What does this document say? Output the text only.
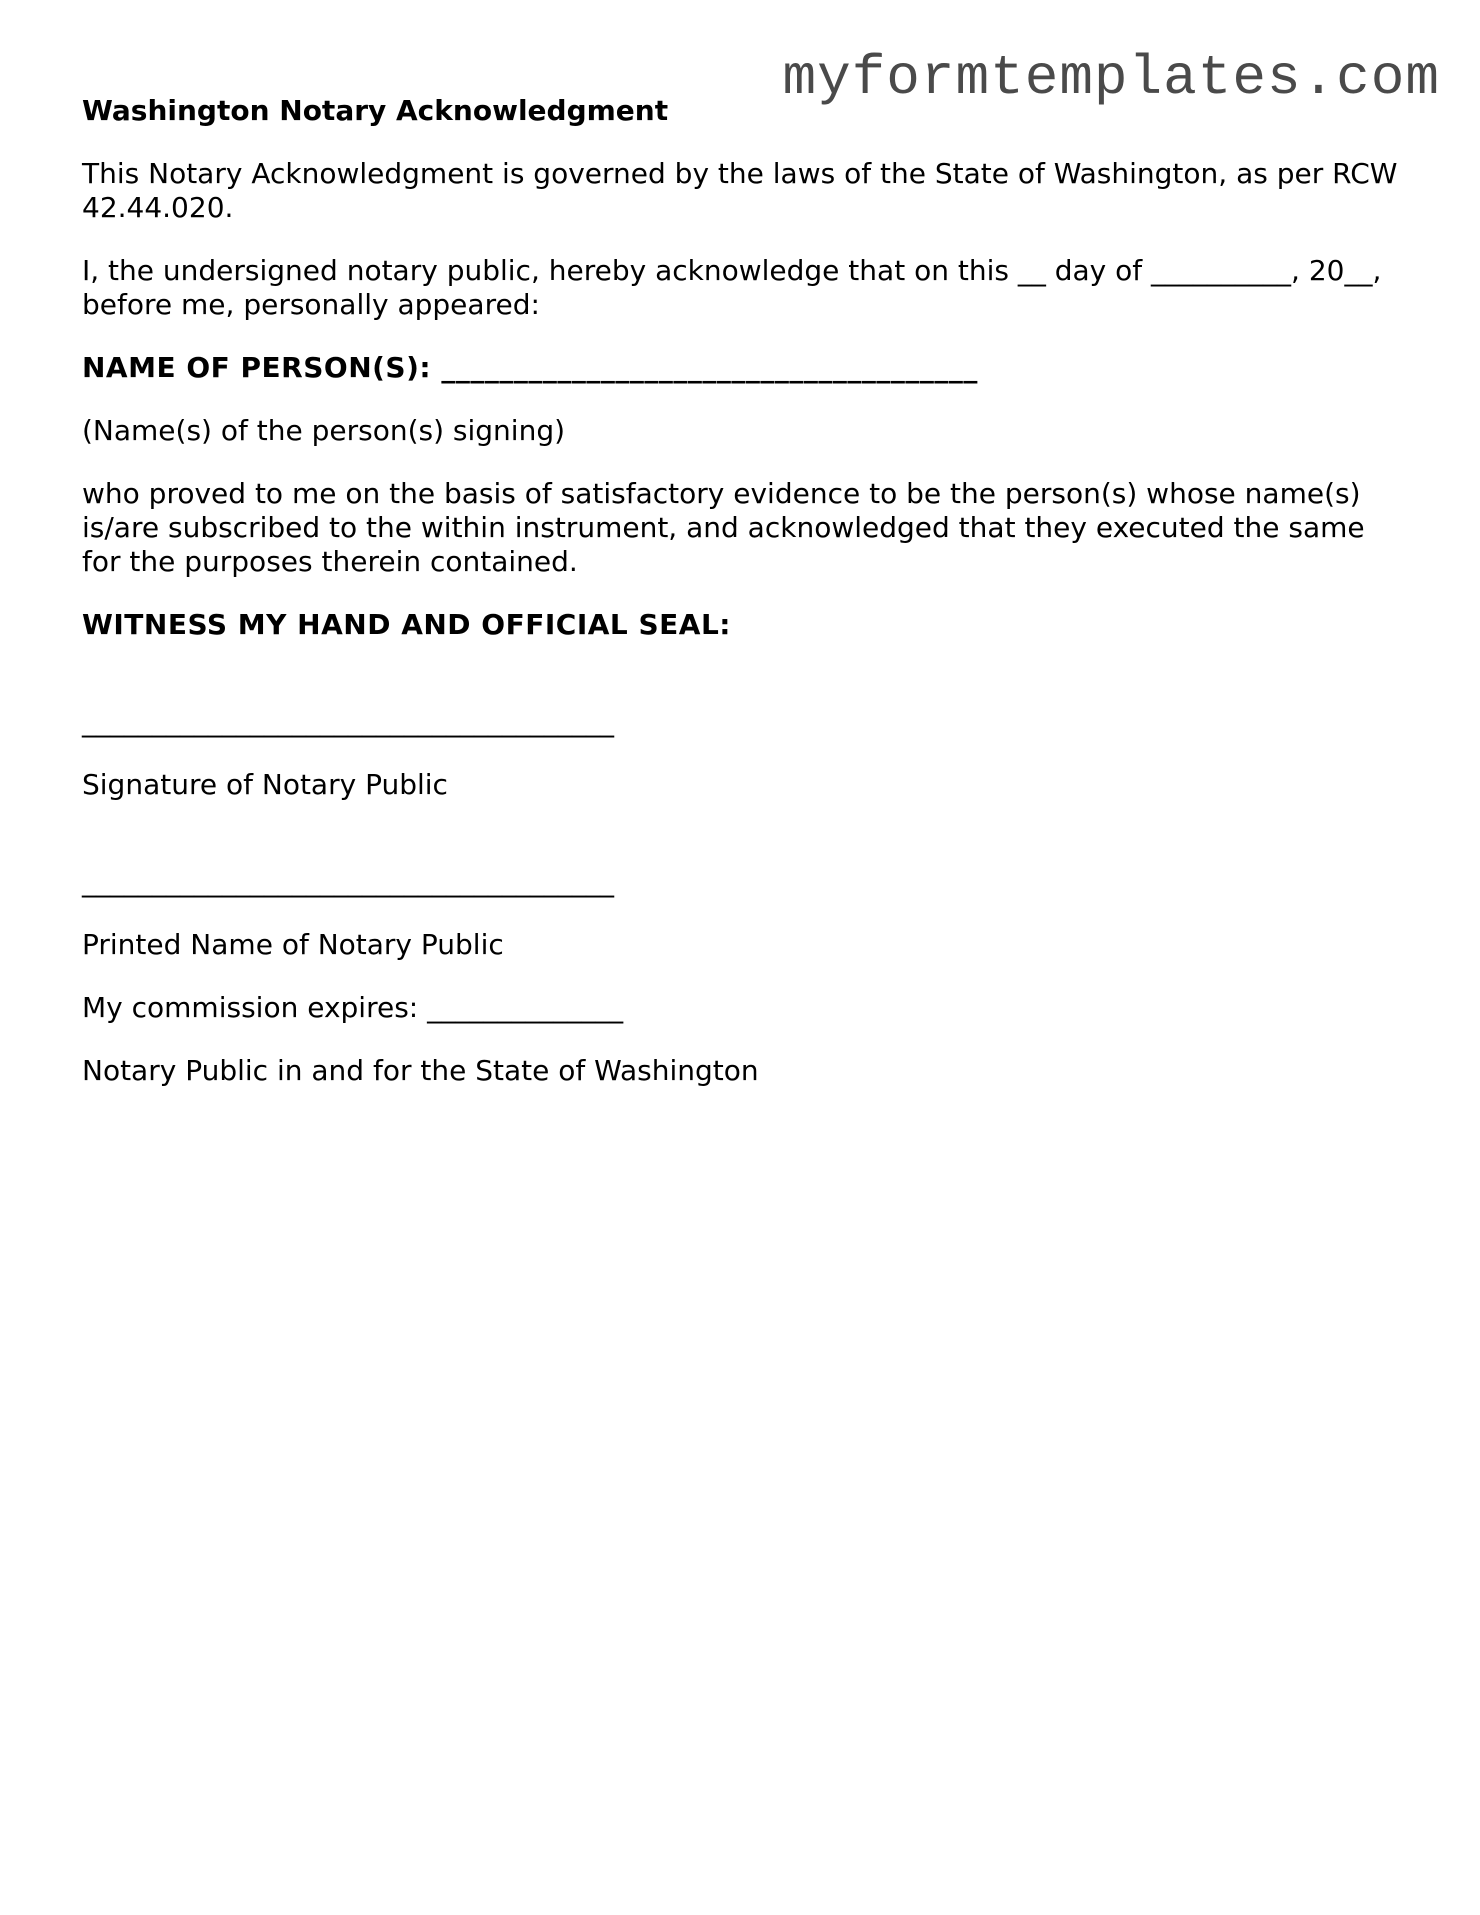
myformtemplates.com

Washington Notary Acknowledgment

This Notary Acknowledgment is governed by the laws of the State of Washington, as per RCW 42.44.020.

I, the undersigned notary public, hereby acknowledge that on this __ day of __________, 20__, before me, personally appeared:

NAME OF PERSON(S): _____________________________________

(Name(s) of the person(s) signing)

who proved to me on the basis of satisfactory evidence to be the person(s) whose name(s) is/are subscribed to the within instrument, and acknowledged that they executed the same for the purposes therein contained.

WITNESS MY HAND AND OFFICIAL SEAL:

______________________________________

Signature of Notary Public

______________________________________

Printed Name of Notary Public

My commission expires: ______________

Notary Public in and for the State of Washington
